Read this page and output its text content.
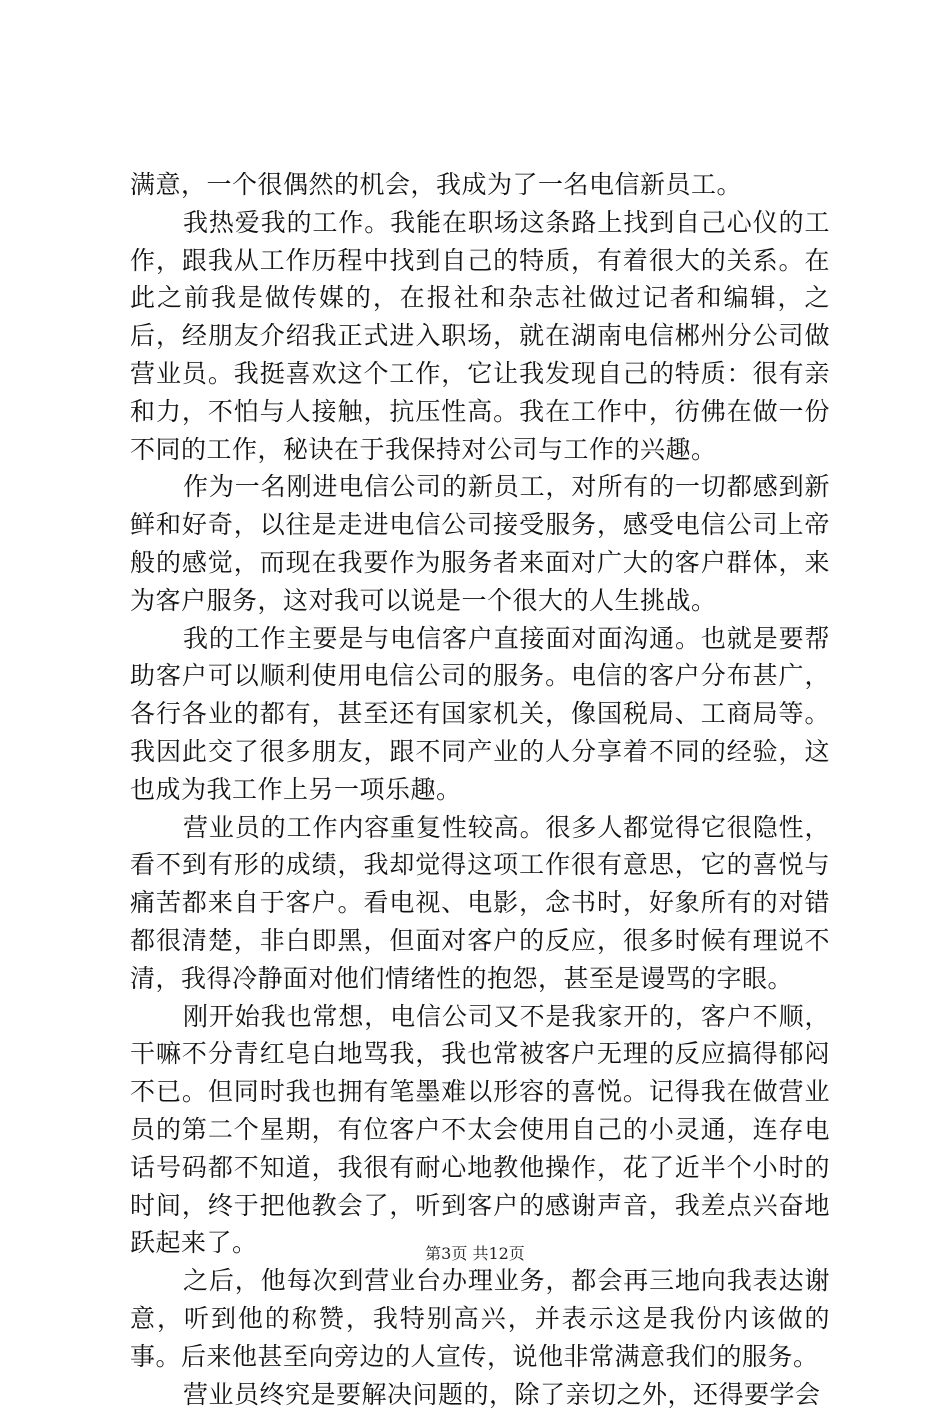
满意，一个很偶然的机会，我成为了一名电信新员工。

我热爱我的工作。我能在职场这条路上找到自己心仪的工作，跟我从工作历程中找到自己的特质，有着很大的关系。在此之前我是做传媒的，在报社和杂志社做过记者和编辑，之后，经朋友介绍我正式进入职场，就在湖南电信郴州分公司做营业员。我挺喜欢这个工作，它让我发现自己的特质：很有亲和力，不怕与人接触，抗压性高。我在工作中，彷佛在做一份不同的工作，秘诀在于我保持对公司与工作的兴趣。

作为一名刚进电信公司的新员工，对所有的一切都感到新鲜和好奇，以往是走进电信公司接受服务，感受电信公司上帝般的感觉，而现在我要作为服务者来面对广大的客户群体，来为客户服务，这对我可以说是一个很大的人生挑战。

我的工作主要是与电信客户直接面对面沟通。也就是要帮助客户可以顺利使用电信公司的服务。电信的客户分布甚广，各行各业的都有，甚至还有国家机关，像国税局、工商局等。我因此交了很多朋友，跟不同产业的人分享着不同的经验，这也成为我工作上另一项乐趣。

营业员的工作内容重复性较高。很多人都觉得它很隐性，看不到有形的成绩，我却觉得这项工作很有意思，它的喜悦与痛苦都来自于客户。看电视、电影，念书时，好象所有的对错都很清楚，非白即黑，但面对客户的反应，很多时候有理说不清，我得冷静面对他们情绪性的抱怨，甚至是谩骂的字眼。

刚开始我也常想，电信公司又不是我家开的，客户不顺，干嘛不分青红皂白地骂我，我也常被客户无理的反应搞得郁闷不已。但同时我也拥有笔墨难以形容的喜悦。记得我在做营业员的第二个星期，有位客户不太会使用自己的小灵通，连存电话号码都不知道，我很有耐心地教他操作，花了近半个小时的时间，终于把他教会了，听到客户的感谢声音，我差点兴奋地跃起来了。

之后，他每次到营业台办理业务，都会再三地向我表达谢意，听到他的称赞，我特别高兴，并表示这是我份内该做的事。后来他甚至向旁边的人宣传，说他非常满意我们的服务。

营业员终究是要解决问题的，除了亲切之外，还得要学会

第3页 共12页
